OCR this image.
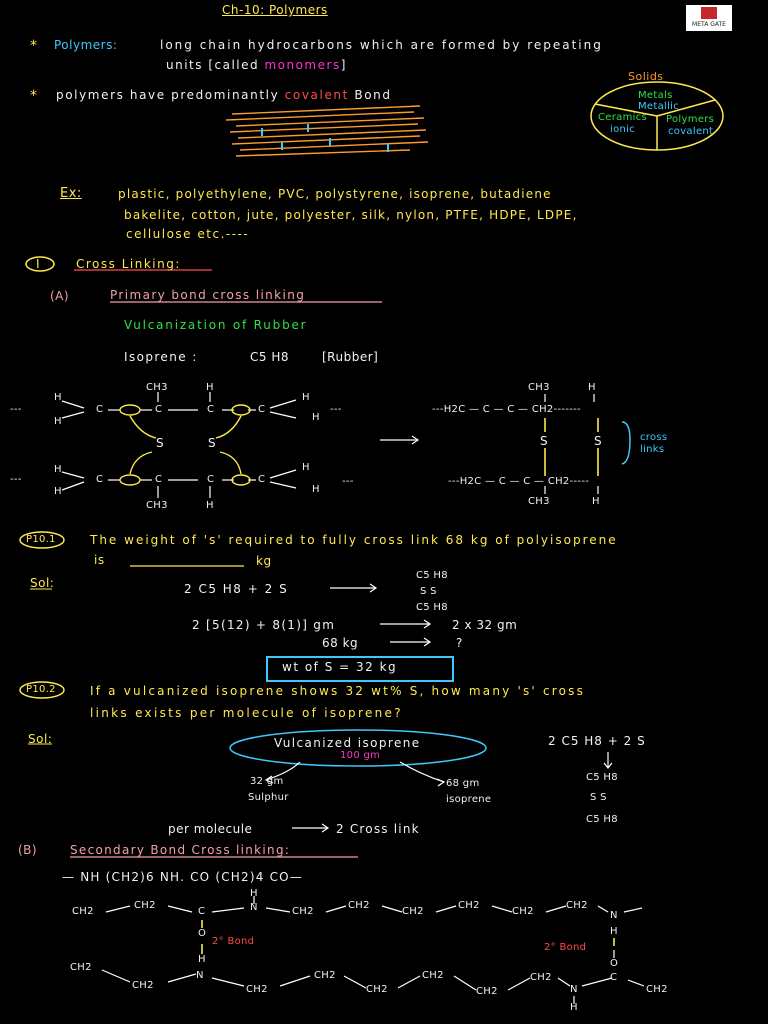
META GATE
Ch-10: Polymers
* Polymers:	long chain hydrocarbons which are formed by repeating
units [called monomers]
* polymers have predominantly covalent Bond
Solids
Metals
Metallic
Ceramics
ionic
Polymers
covalent
Ex:	plastic, polyethylene, PVC, polystyrene, isoprene, butadiene
bakelite, cotton, jute, polyester, silk, nylon, PTFE, HDPE, LDPE,
cellulose etc.----
I	Cross Linking:
(A)	Primary bond cross linking
Vulcanization of Rubber
Isoprene :	C5 H8	[Rubber]
---
H
H
C	C	C	C
CH3	H
H
H
---
S	S
---
H
H
C	C	C	C
CH3	H
H
H
---
CH3	H
---H2C — C — C — CH2-------
S	S	cross links
---H2C — C — C — CH2-----
CH3	H
P10.1	The weight of 's' required to fully cross link 68 kg of polyisoprene
is	kg
Sol:	2 C5 H8 + 2 S
C5 H8
S S
C5 H8
2 [5(12) + 8(1)] gm	2 x 32 gm
68 kg	?
wt of S = 32 kg
P10.2	If a vulcanized isoprene shows 32 wt% S, how many 's' cross
links exists per molecule of isoprene?
Sol:	Vulcanized isoprene
100 gm
32 gm
Sulphur
68 gm
isoprene
2 C5 H8 + 2 S
C5 H8
S S
C5 H8
per molecule	2 Cross link
(B)	Secondary Bond Cross linking:
— NH (CH2)6 NH. CO (CH2)4 CO—
CH2
CH2
C
H
N	CH2
CH2
CH2
CH2
CH2
CH2
N
H
O
2° Bond
2° Bond
H
N
O
C
CH2
CH2	CH2
CH2
CH2
CH2
CH2
CH2
N
H
CH2
